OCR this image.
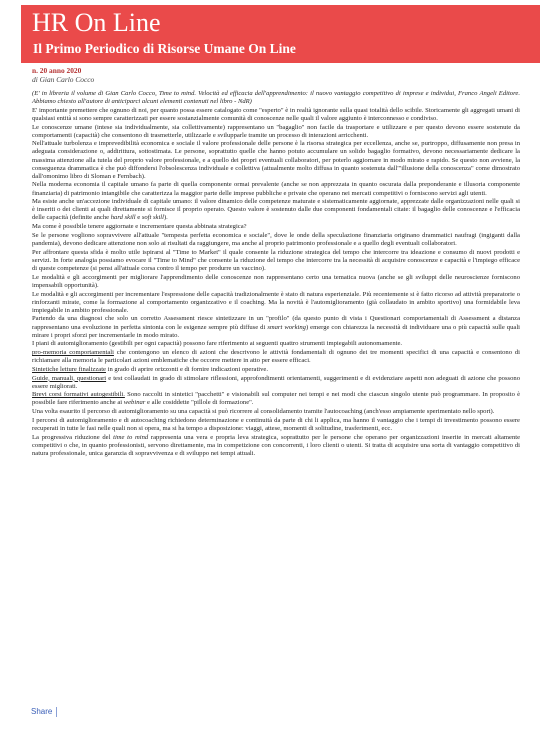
HR On Line
Il Primo Periodico di Risorse Umane On Line
n. 20 anno 2020
di Gian Carlo Cocco

(E' in libreria il volume di Gian Carlo Cocco, Time to mind. Velocità ed efficacia dell'apprendimento: il nuovo vantaggio competitivo di imprese e individui, Franco Angeli Editore. Abbiamo chiesto all'autore di anticiparci alcuni elementi contenuti nel libro - NdR)

E' importante premettere che ognuno di noi, per quanto possa essere catalogato come "esperto" è in realtà ignorante sulla quasi totalità dello scibile. Storicamente gli aggregati umani di qualsiasi entità si sono sempre caratterizzati per essere sostanzialmente comunità di conoscenze nelle quali il valore aggiunto è interconnesso e condiviso.

Le conoscenze umane (intese sia individualmente, sia collettivamente) rappresentano un "bagaglio" non facile da trasportare e utilizzare e per questo devono essere sostenute da comportamenti (capacità) che consentono di trasmetterle, utilizzarle e svilupparle tramite un processo di interazioni arricchenti.

Nell'attuale turbolenza e imprevedibilità economica e sociale il valore professionale delle persone è la risorsa strategica per eccellenza, anche se, purtroppo, diffusamente non presa in adeguata considerazione o, addirittura, sottostimata. Le persone, soprattutto quelle che hanno potuto accumulare un solido bagaglio formativo, devono necessariamente dedicare la massima attenzione alla tutela del proprio valore professionale, e a quello dei propri eventuali collaboratori, per poterlo aggiornare in modo mirato e rapido. Se questo non avviene, la conseguenza drammatica è che può diffondersi l'obsolescenza individuale e collettiva (attualmente molto diffusa in quanto sostenuta dall'"illusione della conoscenza" come dimostrato dall'omonimo libro di Sloman e Fernbach).

Nella moderna economia il capitale umano fa parte di quella componente ormai prevalente (anche se non apprezzata in quanto oscurata dalla preponderante e illusoria componente finanziaria) di patrimonio intangibile che caratterizza la maggior parte delle imprese pubbliche e private che operano nei mercati competitivi o forniscono servizi agli utenti.

Ma esiste anche un'accezione individuale di capitale umano: il valore dinamico delle competenze maturate e sistematicamente aggiornate, apprezzate dalle organizzazioni nelle quali si è inseriti o dei clienti ai quali direttamente si fornisce il proprio operato. Questo valore è sostenuto dalle due componenti fondamentali citate: il bagaglio delle conoscenze e l'efficacia delle capacità (definite anche hard skill e soft skill).

Ma come è possibile tenere aggiornate e incrementare questa abbinata strategica?

Se le persone vogliono sopravvivere all'attuale "tempesta perfetta economica e sociale", dove le onde della speculazione finanziaria originano drammatici naufragi (ingiganti dalla pandemia), devono dedicare attenzione non solo ai risultati da raggiungere, ma anche al proprio patrimonio professionale e a quello degli eventuali collaboratori.

Per affrontare questa sfida è molto utile ispirarsi al "Time to Market" il quale consente la riduzione strategica del tempo che intercorre tra ideazione e consumo di nuovi prodotti e servizi. In forte analogia possiamo evocare il "Time to Mind" che consente la riduzione del tempo che intercorre tra la necessità di acquisire conoscenze e capacità e l'impiego efficace di queste competenze (si pensi all'attuale corsa contro il tempo per produrre un vaccino).

Le modalità e gli accorgimenti per migliorare l'apprendimento delle conoscenze non rappresentano certo una tematica nuova (anche se gli sviluppi delle neuroscienze forniscono impensabili opportunità).

Le modalità e gli accorgimenti per incrementare l'espressione delle capacità tradizionalmente è stato di natura esperienziale. Più recentemente si è fatto ricorso ad attività preparatorie o rinforzanti mirate, come la formazione al comportamento organizzativo e il coaching. Ma la novità è l'automiglioramento (già collaudato in ambito sportivo) una formidabile leva impiegabile in ambito professionale.

Partendo da una diagnosi che solo un corretto Assessment riesce sintetizzare in un "profilo" (da questo punto di vista i Questionari comportamentali di Assessment a distanza rappresentano una evoluzione in perfetta sintonia con le esigenze sempre più diffuse di smart working) emerge con chiarezza la necessità di individuare una o più capacità sulle quali mirare i propri sforzi per incrementarle in modo mirato.

I piani di automiglioramento (gestibili per ogni capacità) possono fare riferimento ai seguenti quattro strumenti impiegabili autonomamente.

pro-memoria comportamentali che contengono un elenco di azioni che descrivono le attività fondamentali di ognuno dei tre momenti specifici di una capacità e consentono di richiamare alla memoria le particolari azioni emblematiche che occorre mettere in atto per essere efficaci.

Sintetiche letture finalizzate in grado di aprire orizzonti e di fornire indicazioni operative.

Guide, manuali, questionari e test collaudati in grado di stimolare riflessioni, approfondimenti orientamenti, suggerimenti e di evidenziare aspetti non adeguati di azione che possono essere migliorati.

Brevi corsi formativi autogestibili. Sono raccolti in sintetici "pacchetti" e visionabili sul computer nei tempi e nei modi che ciascun singolo utente può programmare. In proposito è possibile fare riferimento anche ai webinar e alle cosiddette "pillole di formazione".

Una volta esaurito il percorso di automiglioramento su una capacità si può ricorrere al consolidamento tramite l'autocoaching (anch'esso ampiamente sperimentato nello sport).

I percorsi di automiglioramento e di autocoaching richiedono determinazione e continuità da parte di chi li applica, ma hanno il vantaggio che i tempi di investimento possono essere recuperati in tutte le fasi nelle quali non si opera, ma si ha tempo a disposizione: viaggi, attese, momenti di solitudine, trasferimenti, ecc.

La progressiva riduzione del time to mind rappresenta una vera e propria leva strategica, soprattutto per le persone che operano per organizzazioni inserite in mercati altamente competitivi o che, in quanto professionisti, servono direttamente, ma in competizione con concorrenti, i loro clienti o utenti. Si tratta di acquisire una sorta di vantaggio competitivo di natura professionale, unica garanzia di sopravvivenza e di sviluppo nei tempi attuali.

Share
